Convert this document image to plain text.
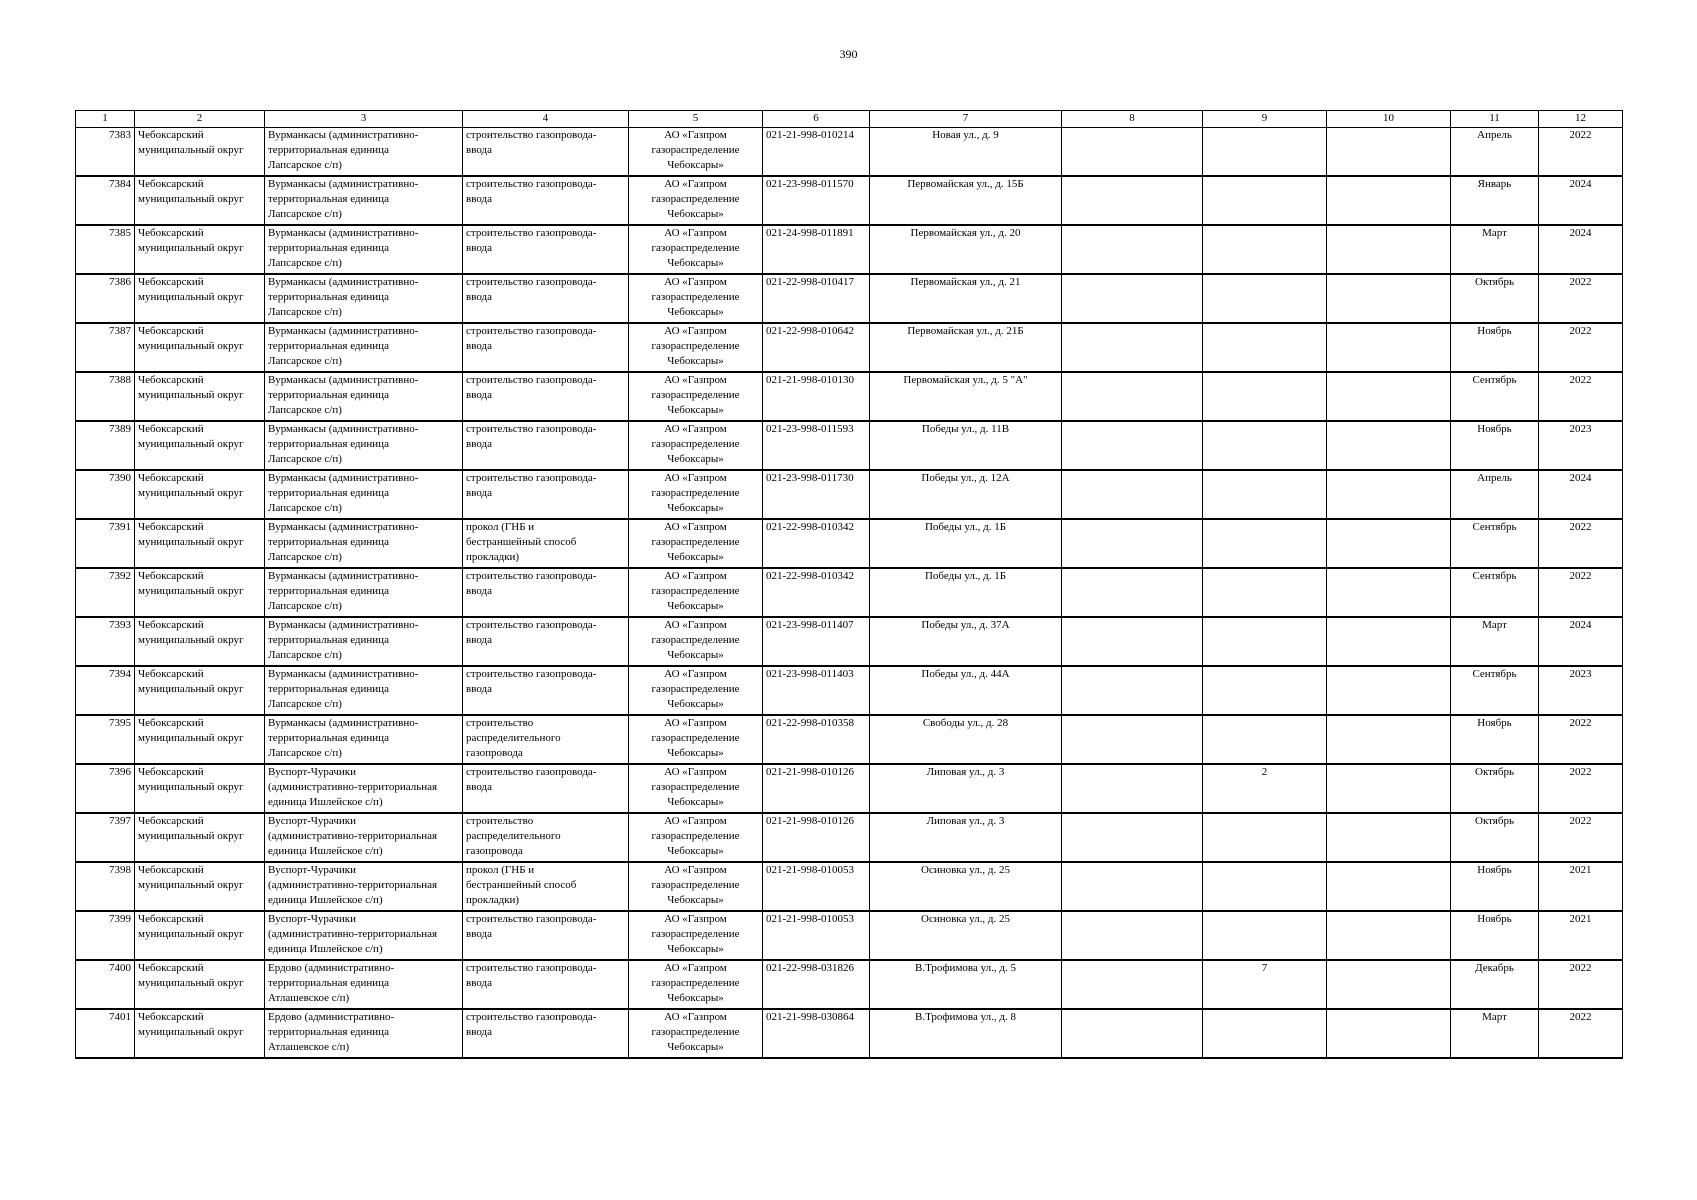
390
1	2	3	4	5	6	7	8	9	10	11	12
7383	Чебоксарский
муниципальный округ	Вурманкасы (административно-
территориальная единица
Лапсарское с/п)	строительство газопровода-
ввода	АО «Газпром
газораспределение
Чебоксары»	021-21-998-010214	Новая ул., д. 9				Апрель	2022
7384	Чебоксарский
муниципальный округ	Вурманкасы (административно-
территориальная единица
Лапсарское с/п)	строительство газопровода-
ввода	АО «Газпром
газораспределение
Чебоксары»	021-23-998-011570	Первомайская ул., д. 15Б				Январь	2024
7385	Чебоксарский
муниципальный округ	Вурманкасы (административно-
территориальная единица
Лапсарское с/п)	строительство газопровода-
ввода	АО «Газпром
газораспределение
Чебоксары»	021-24-998-011891	Первомайская ул., д. 20				Март	2024
7386	Чебоксарский
муниципальный округ	Вурманкасы (административно-
территориальная единица
Лапсарское с/п)	строительство газопровода-
ввода	АО «Газпром
газораспределение
Чебоксары»	021-22-998-010417	Первомайская ул., д. 21				Октябрь	2022
7387	Чебоксарский
муниципальный округ	Вурманкасы (административно-
территориальная единица
Лапсарское с/п)	строительство газопровода-
ввода	АО «Газпром
газораспределение
Чебоксары»	021-22-998-010642	Первомайская ул., д. 21Б				Ноябрь	2022
7388	Чебоксарский
муниципальный округ	Вурманкасы (административно-
территориальная единица
Лапсарское с/п)	строительство газопровода-
ввода	АО «Газпром
газораспределение
Чебоксары»	021-21-998-010130	Первомайская ул., д. 5 "А"				Сентябрь	2022
7389	Чебоксарский
муниципальный округ	Вурманкасы (административно-
территориальная единица
Лапсарское с/п)	строительство газопровода-
ввода	АО «Газпром
газораспределение
Чебоксары»	021-23-998-011593	Победы ул., д. 11В				Ноябрь	2023
7390	Чебоксарский
муниципальный округ	Вурманкасы (административно-
территориальная единица
Лапсарское с/п)	строительство газопровода-
ввода	АО «Газпром
газораспределение
Чебоксары»	021-23-998-011730	Победы ул., д. 12А				Апрель	2024
7391	Чебоксарский
муниципальный округ	Вурманкасы (административно-
территориальная единица
Лапсарское с/п)	прокол (ГНБ и
бестраншейный способ
прокладки)	АО «Газпром
газораспределение
Чебоксары»	021-22-998-010342	Победы ул., д. 1Б				Сентябрь	2022
7392	Чебоксарский
муниципальный округ	Вурманкасы (административно-
территориальная единица
Лапсарское с/п)	строительство газопровода-
ввода	АО «Газпром
газораспределение
Чебоксары»	021-22-998-010342	Победы ул., д. 1Б				Сентябрь	2022
7393	Чебоксарский
муниципальный округ	Вурманкасы (административно-
территориальная единица
Лапсарское с/п)	строительство газопровода-
ввода	АО «Газпром
газораспределение
Чебоксары»	021-23-998-011407	Победы ул., д. 37А				Март	2024
7394	Чебоксарский
муниципальный округ	Вурманкасы (административно-
территориальная единица
Лапсарское с/п)	строительство газопровода-
ввода	АО «Газпром
газораспределение
Чебоксары»	021-23-998-011403	Победы ул., д. 44А				Сентябрь	2023
7395	Чебоксарский
муниципальный округ	Вурманкасы (административно-
территориальная единица
Лапсарское с/п)	строительство
распределительного
газопровода	АО «Газпром
газораспределение
Чебоксары»	021-22-998-010358	Свободы ул., д. 28				Ноябрь	2022
7396	Чебоксарский
муниципальный округ	Вуспорт-Чурачики
(административно-территориальная
единица Ишлейское с/п)	строительство газопровода-
ввода	АО «Газпром
газораспределение
Чебоксары»	021-21-998-010126	Липовая ул., д. 3		2		Октябрь	2022
7397	Чебоксарский
муниципальный округ	Вуспорт-Чурачики
(административно-территориальная
единица Ишлейское с/п)	строительство
распределительного
газопровода	АО «Газпром
газораспределение
Чебоксары»	021-21-998-010126	Липовая ул., д. 3				Октябрь	2022
7398	Чебоксарский
муниципальный округ	Вуспорт-Чурачики
(административно-территориальная
единица Ишлейское с/п)	прокол (ГНБ и
бестраншейный способ
прокладки)	АО «Газпром
газораспределение
Чебоксары»	021-21-998-010053	Осиновка ул., д. 25				Ноябрь	2021
7399	Чебоксарский
муниципальный округ	Вуспорт-Чурачики
(административно-территориальная
единица Ишлейское с/п)	строительство газопровода-
ввода	АО «Газпром
газораспределение
Чебоксары»	021-21-998-010053	Осиновка ул., д. 25				Ноябрь	2021
7400	Чебоксарский
муниципальный округ	Ердово (административно-
территориальная единица
Атлашевское с/п)	строительство газопровода-
ввода	АО «Газпром
газораспределение
Чебоксары»	021-22-998-031826	В.Трофимова ул., д. 5		7		Декабрь	2022
7401	Чебоксарский
муниципальный округ	Ердово (административно-
территориальная единица
Атлашевское с/п)	строительство газопровода-
ввода	АО «Газпром
газораспределение
Чебоксары»	021-21-998-030864	В.Трофимова ул., д. 8				Март	2022
